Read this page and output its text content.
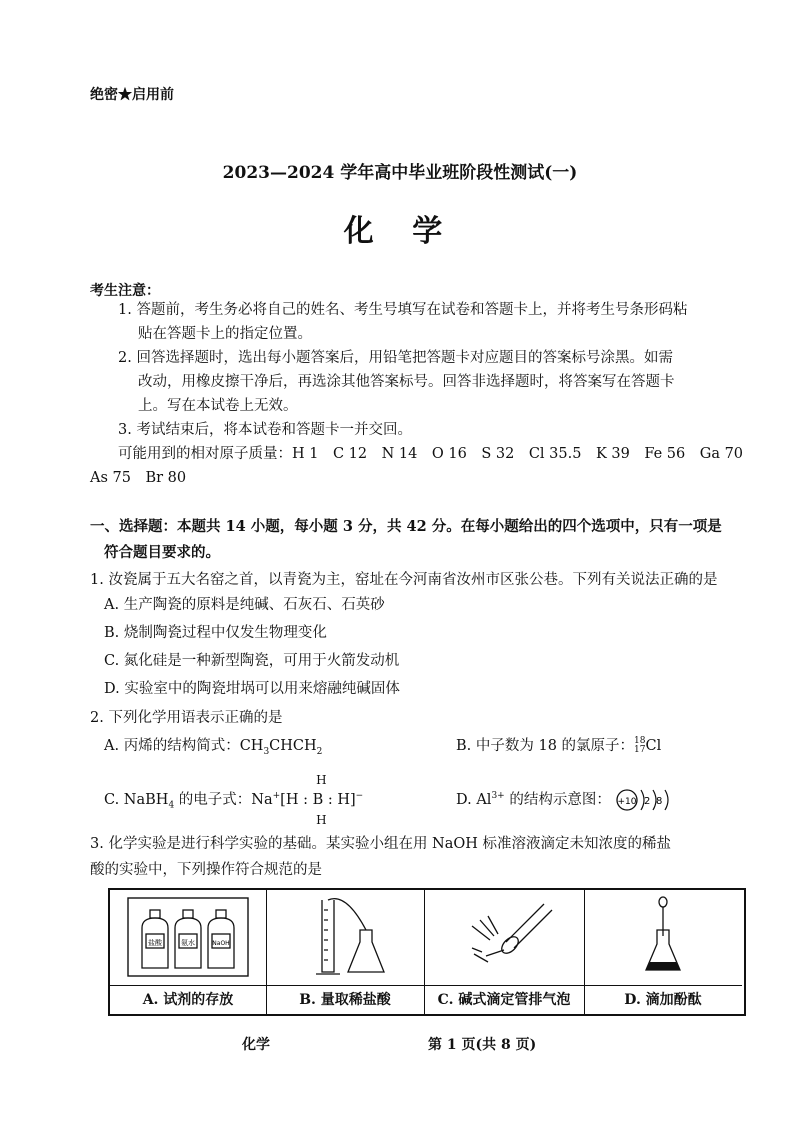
绝密★启用前
2023—2024 学年高中毕业班阶段性测试(一)
化 学
考生注意：
1. 答题前，考生务必将自己的姓名、考生号填写在试卷和答题卡上，并将考生号条形码粘
贴在答题卡上的指定位置。
2. 回答选择题时，选出每小题答案后，用铅笔把答题卡对应题目的答案标号涂黑。如需
改动，用橡皮擦干净后，再选涂其他答案标号。回答非选择题时，将答案写在答题卡
上。写在本试卷上无效。
3. 考试结束后，将本试卷和答题卡一并交回。
可能用到的相对原子质量：H 1　C 12　N 14　O 16　S 32　Cl 35.5　K 39　Fe 56　Ga 70
As 75　Br 80
一、选择题：本题共 14 小题，每小题 3 分，共 42 分。在每小题给出的四个选项中，只有一项是
符合题目要求的。
1. 汝瓷属于五大名窑之首，以青瓷为主，窑址在今河南省汝州市区张公巷。下列有关说法正确的是
A. 生产陶瓷的原料是纯碱、石灰石、石英砂
B. 烧制陶瓷过程中仅发生物理变化
C. 氮化硅是一种新型陶瓷，可用于火箭发动机
D. 实验室中的陶瓷坩埚可以用来熔融纯碱固体
2. 下列化学用语表示正确的是
A. 丙烯的结构简式：$CH_3CHCH_2$	B. 中子数为 18 的氯原子：18
17Cl
C. NaBH$_4$ 的电子式：Na+
H
[H : B : H]
H
−	D. $Al^{3+}$ 的结构示意图： +10 2 8
3. 化学实验是进行科学实验的基础。某实验小组在用 NaOH 标准溶液滴定未知浓度的稀盐
酸的实验中，下列操作符合规范的是
盐酸	氨水	NaOH
A. 试剂的存放	B. 量取稀盐酸	C. 碱式滴定管排气泡	D. 滴加酚酞
化学	第 1 页(共 8 页)
